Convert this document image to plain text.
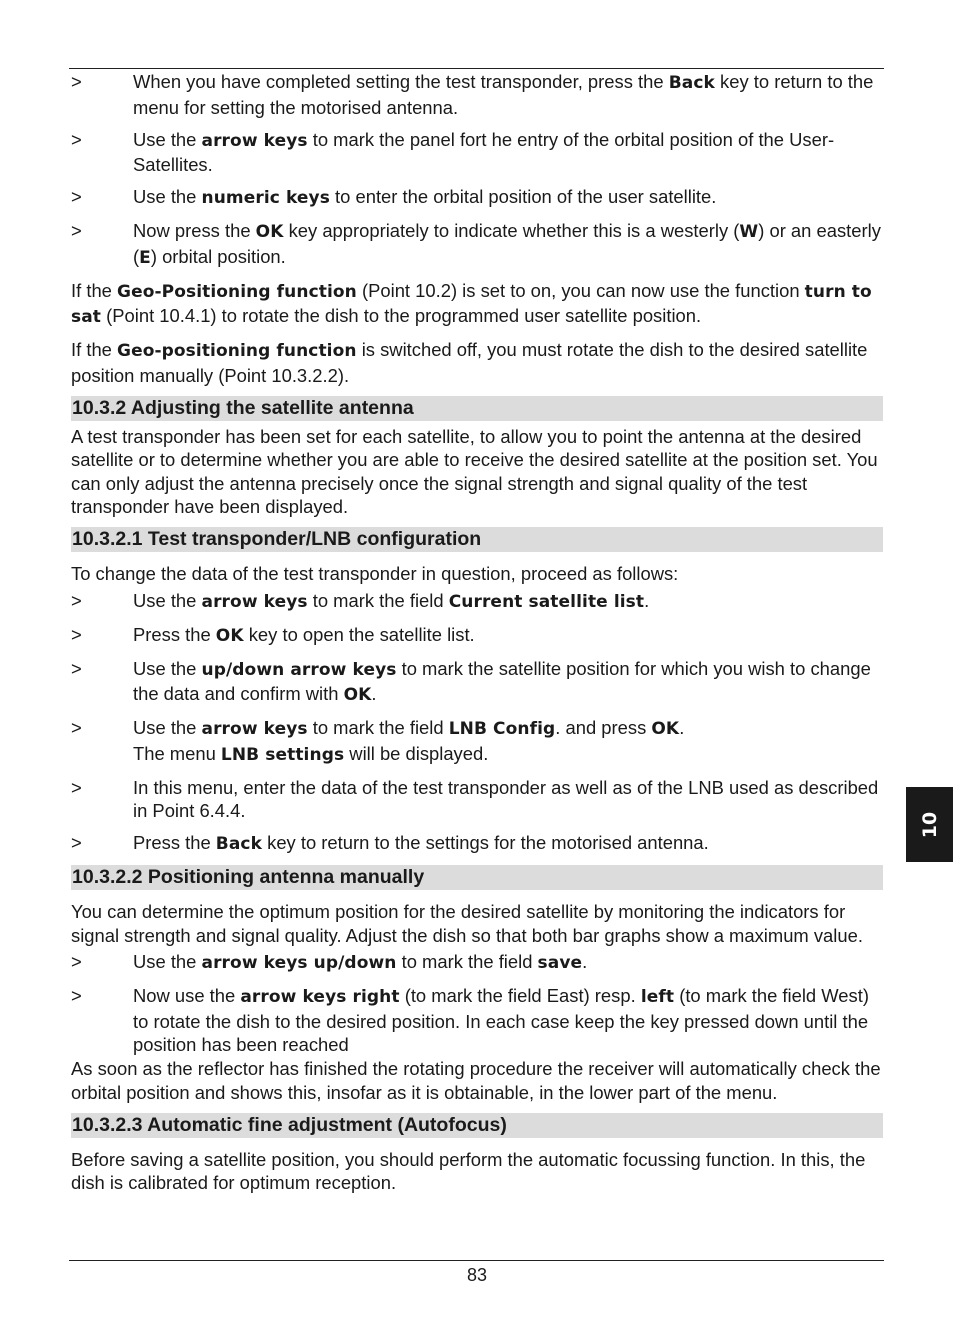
>	When you have completed setting the test transponder, press the Back key to return to the menu for setting the motorised antenna.
>	Use the arrow keys to mark the panel fort he entry of the orbital position of the User-Satellites.
>	Use the numeric keys to enter the orbital position of the user satellite.
>	Now press the OK key appropriately to indicate whether this is a westerly (W) or an easterly (E) orbital position.
If the Geo-Positioning function (Point 10.2) is set to on, you can now use the function turn to sat (Point 10.4.1) to rotate the dish to the programmed user satellite position.
If the Geo-positioning function is switched off, you must rotate the dish to the desired satellite position manually (Point 10.3.2.2).
10.3.2 Adjusting the satellite antenna
A test transponder has been set for each satellite, to allow you to point the antenna at the desired satellite or to determine whether you are able to receive the desired satellite at the position set. You can only adjust the antenna precisely once the signal strength and signal quality of the test transponder have been displayed.
10.3.2.1 Test transponder/LNB configuration
To change the data of the test transponder in question, proceed as follows:
>	Use the arrow keys to mark the field Current satellite list.
>	Press the OK key to open the satellite list.
>	Use the up/down arrow keys to mark the satellite position for which you wish to change the data and confirm with OK.
>	Use the arrow keys to mark the field LNB Config. and press OK.
The menu LNB settings will be displayed.
>	In this menu, enter the data of the test transponder as well as of the LNB used as described in Point 6.4.4.
>	Press the Back key to return to the settings for the motorised antenna.
10.3.2.2 Positioning antenna manually
You can determine the optimum position for the desired satellite by monitoring the indicators for signal strength and signal quality. Adjust the dish so that both bar graphs show a maximum value.
>	Use the arrow keys up/down to mark the field save.
>	Now use the arrow keys right (to mark the field East) resp. left (to mark the field West) to rotate the dish to the desired position. In each case keep the key pressed down until the position has been reached
As soon as the reflector has finished the rotating procedure the receiver will automatically check the orbital position and shows this, insofar as it is obtainable, in the lower part of the menu.
10.3.2.3 Automatic fine adjustment (Autofocus)
Before saving a satellite position, you should perform the automatic focussing function. In this, the dish is calibrated for optimum reception.
10
83
